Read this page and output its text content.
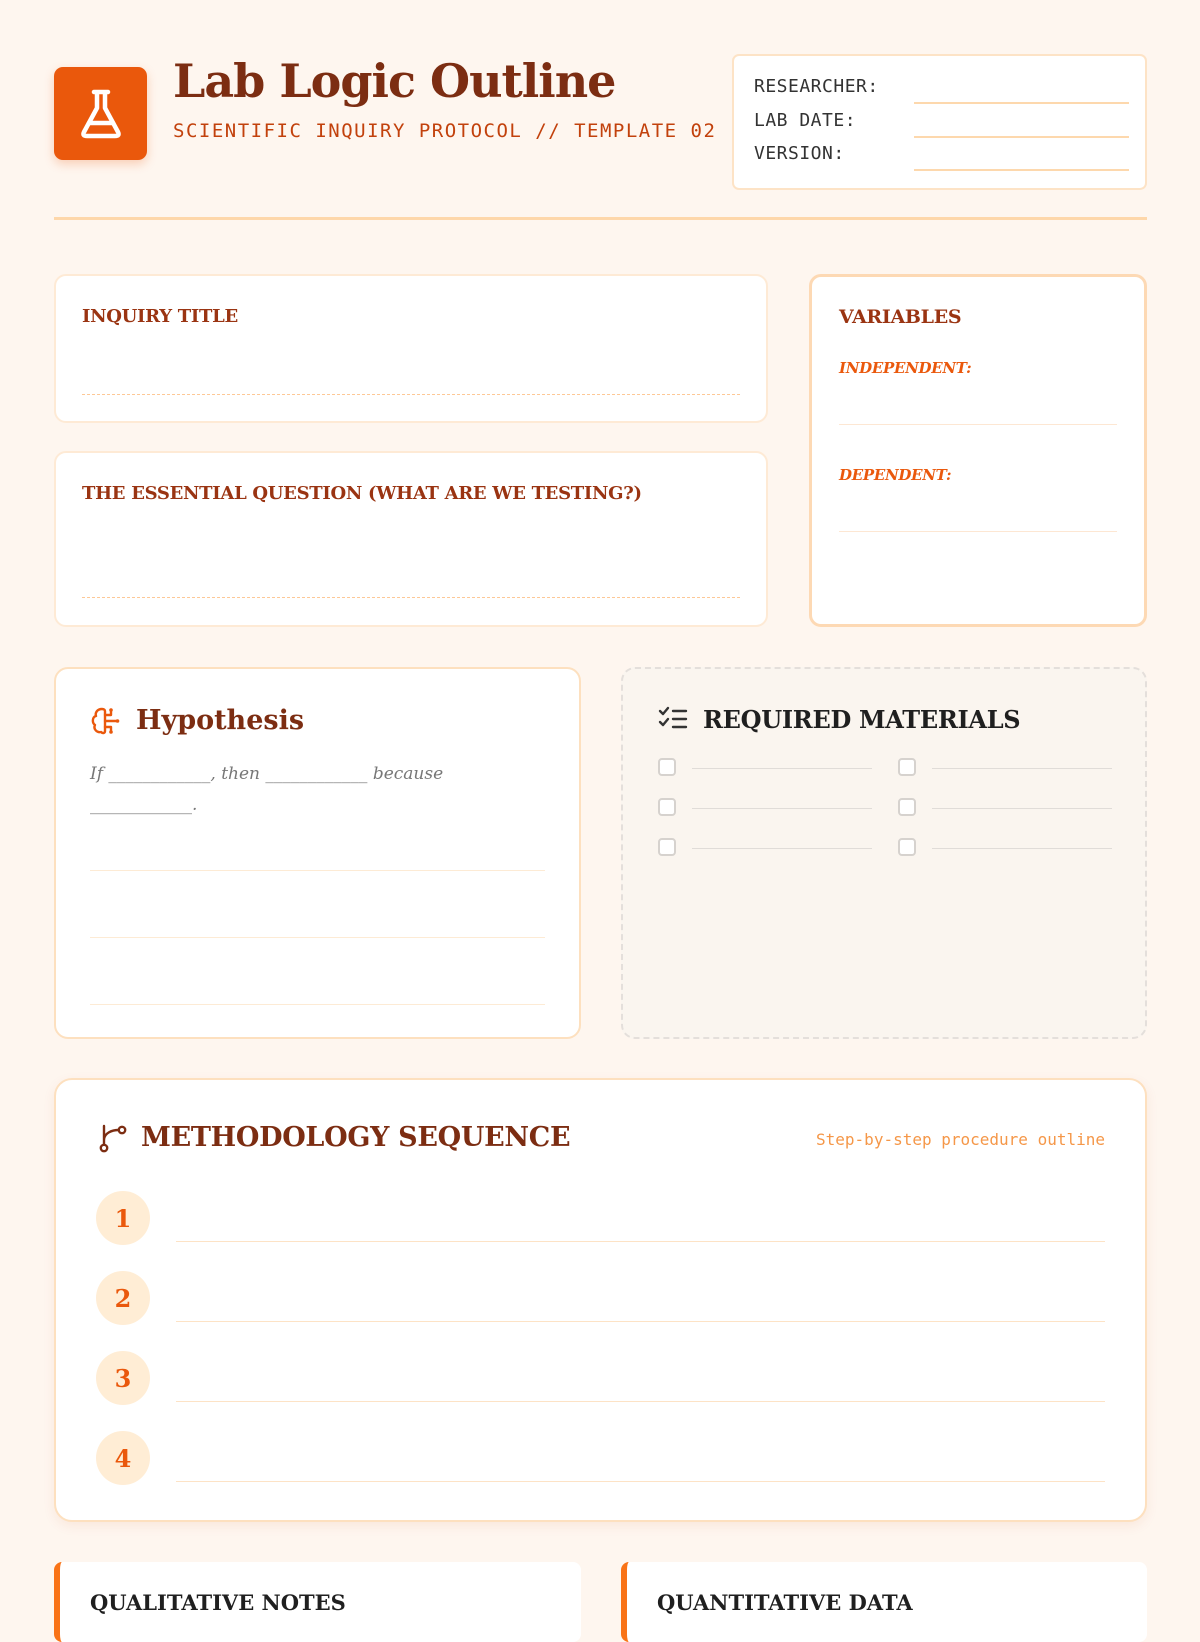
Lab Logic Outline
SCIENTIFIC INQUIRY PROTOCOL // TEMPLATE 02
RESEARCHER:
LAB DATE:
VERSION:
INQUIRY TITLE
THE ESSENTIAL QUESTION (WHAT ARE WE TESTING?)
VARIABLES
INDEPENDENT:
DEPENDENT:
Hypothesis
If ____________, then ____________ because ____________.
REQUIRED MATERIALS
METHODOLOGY SEQUENCE	Step-by-step procedure outline
1
2
3
4
QUALITATIVE NOTES	QUANTITATIVE DATA
